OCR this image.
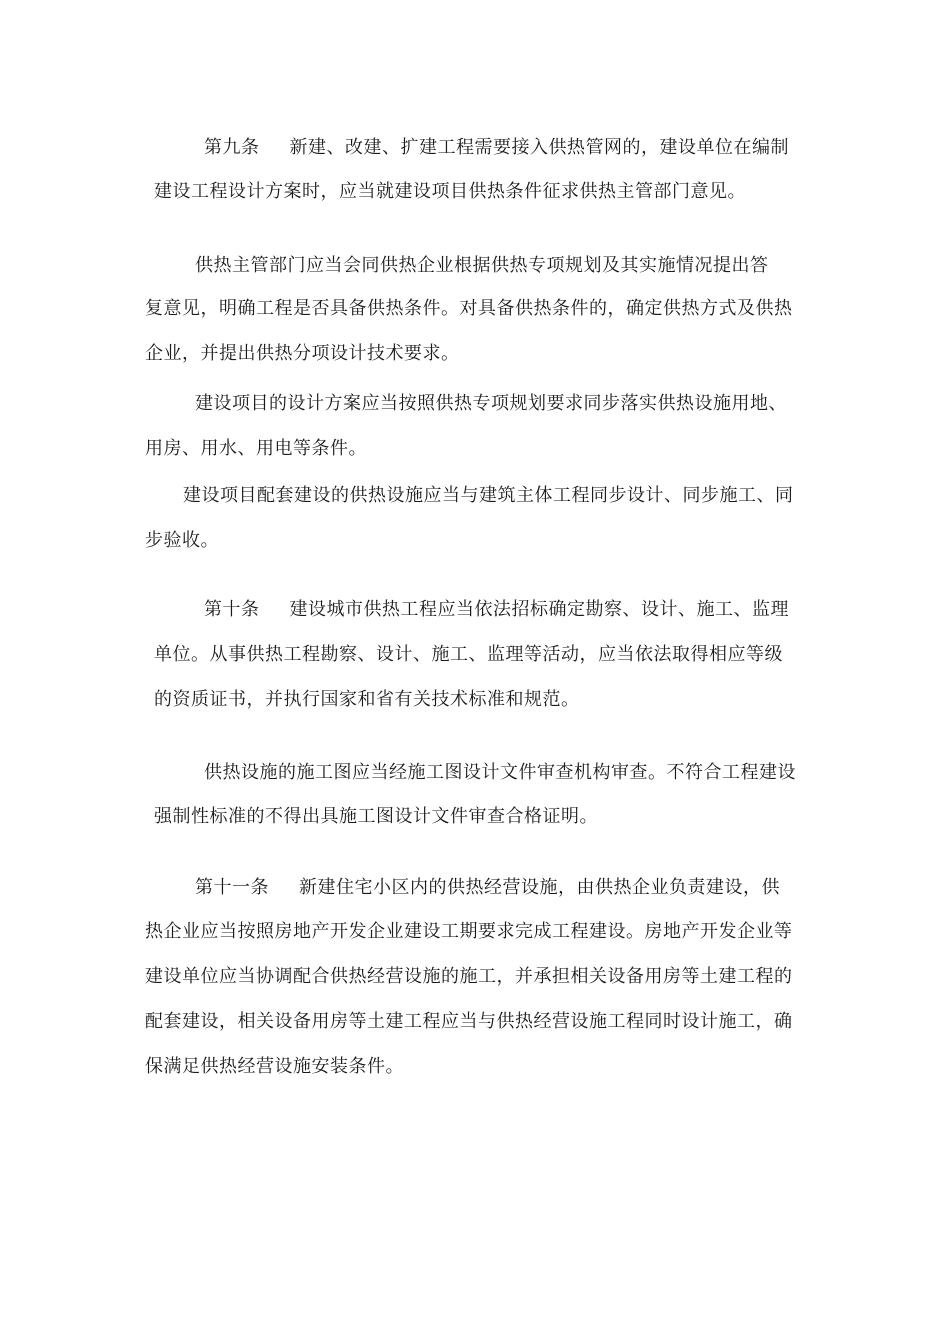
第九条 新建、改建、扩建工程需要接入供热管网的，建设单位在编制
建设工程设计方案时，应当就建设项目供热条件征求供热主管部门意见。
供热主管部门应当会同供热企业根据供热专项规划及其实施情况提出答
复意见，明确工程是否具备供热条件。对具备供热条件的，确定供热方式及供热
企业，并提出供热分项设计技术要求。
建设项目的设计方案应当按照供热专项规划要求同步落实供热设施用地、
用房、用水、用电等条件。
建设项目配套建设的供热设施应当与建筑主体工程同步设计、同步施工、同
步验收。
第十条 建设城市供热工程应当依法招标确定勘察、设计、施工、监理
单位。从事供热工程勘察、设计、施工、监理等活动，应当依法取得相应等级
的资质证书，并执行国家和省有关技术标准和规范。
供热设施的施工图应当经施工图设计文件审查机构审查。不符合工程建设
强制性标准的不得出具施工图设计文件审查合格证明。
第十一条 新建住宅小区内的供热经营设施，由供热企业负责建设，供
热企业应当按照房地产开发企业建设工期要求完成工程建设。房地产开发企业等
建设单位应当协调配合供热经营设施的施工，并承担相关设备用房等土建工程的
配套建设，相关设备用房等土建工程应当与供热经营设施工程同时设计施工，确
保满足供热经营设施安装条件。
